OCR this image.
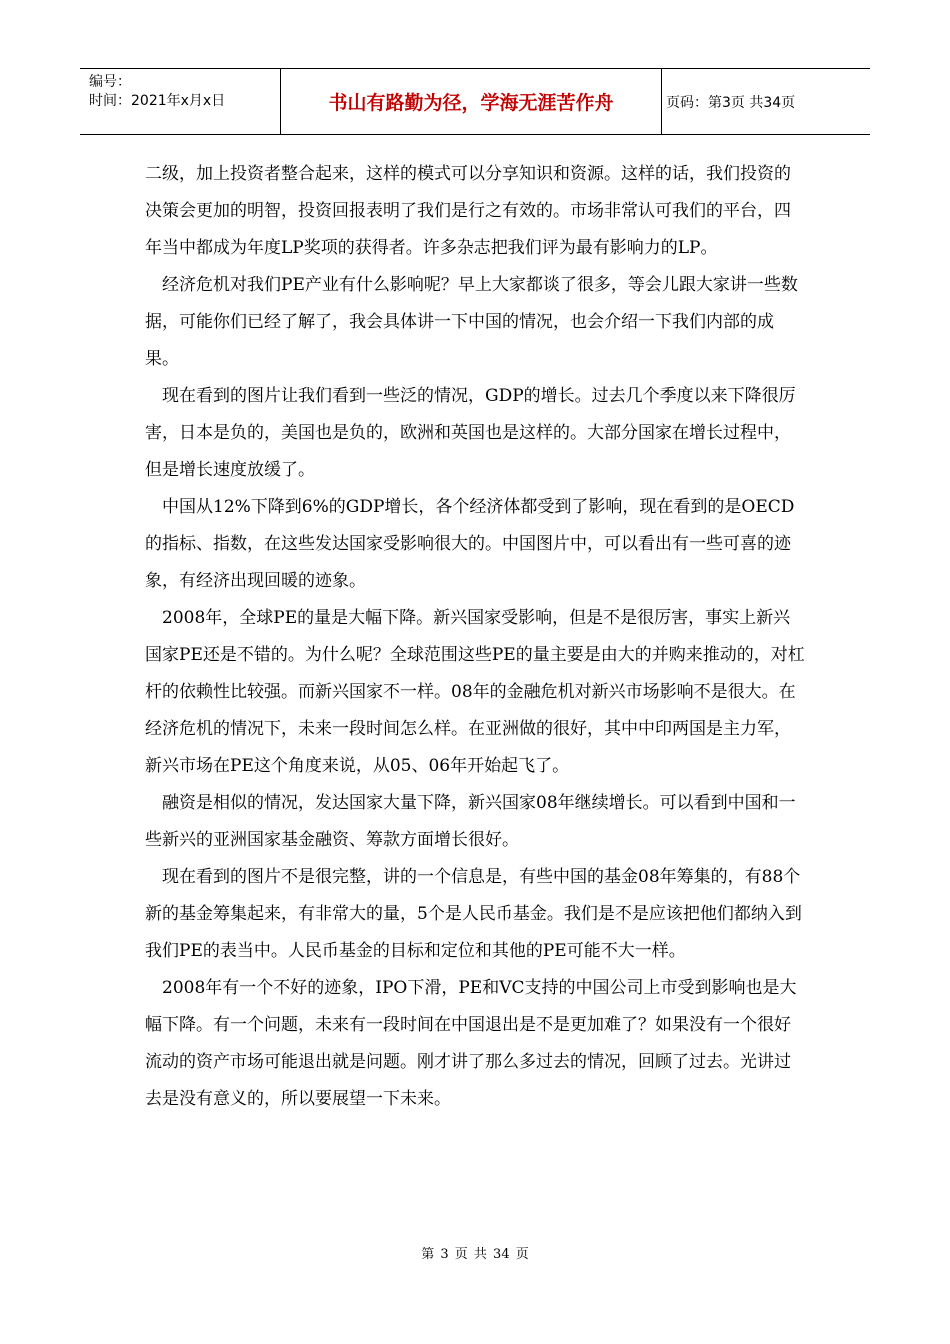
编号：
时间：2021年x月x日	书山有路勤为径，学海无涯苦作舟	页码：第3页 共34页

二级，加上投资者整合起来，这样的模式可以分享知识和资源。这样的话，我们投资的决策会更加的明智，投资回报表明了我们是行之有效的。市场非常认可我们的平台，四年当中都成为年度LP奖项的获得者。许多杂志把我们评为最有影响力的LP。

经济危机对我们PE产业有什么影响呢？早上大家都谈了很多，等会儿跟大家讲一些数据，可能你们已经了解了，我会具体讲一下中国的情况，也会介绍一下我们内部的成果。

现在看到的图片让我们看到一些泛的情况，GDP的增长。过去几个季度以来下降很厉害，日本是负的，美国也是负的，欧洲和英国也是这样的。大部分国家在增长过程中，但是增长速度放缓了。

中国从12%下降到6%的GDP增长，各个经济体都受到了影响，现在看到的是OECD的指标、指数，在这些发达国家受影响很大的。中国图片中，可以看出有一些可喜的迹象，有经济出现回暖的迹象。

2008年，全球PE的量是大幅下降。新兴国家受影响，但是不是很厉害，事实上新兴国家PE还是不错的。为什么呢？全球范围这些PE的量主要是由大的并购来推动的，对杠杆的依赖性比较强。而新兴国家不一样。08年的金融危机对新兴市场影响不是很大。在经济危机的情况下，未来一段时间怎么样。在亚洲做的很好，其中中印两国是主力军，新兴市场在PE这个角度来说，从05、06年开始起飞了。

融资是相似的情况，发达国家大量下降，新兴国家08年继续增长。可以看到中国和一些新兴的亚洲国家基金融资、筹款方面增长很好。

现在看到的图片不是很完整，讲的一个信息是，有些中国的基金08年筹集的，有88个新的基金筹集起来，有非常大的量，5个是人民币基金。我们是不是应该把他们都纳入到我们PE的表当中。人民币基金的目标和定位和其他的PE可能不大一样。

2008年有一个不好的迹象，IPO下滑，PE和VC支持的中国公司上市受到影响也是大幅下降。有一个问题，未来有一段时间在中国退出是不是更加难了？如果没有一个很好流动的资产市场可能退出就是问题。刚才讲了那么多过去的情况，回顾了过去。光讲过去是没有意义的，所以要展望一下未来。

第 3 页 共 34 页
